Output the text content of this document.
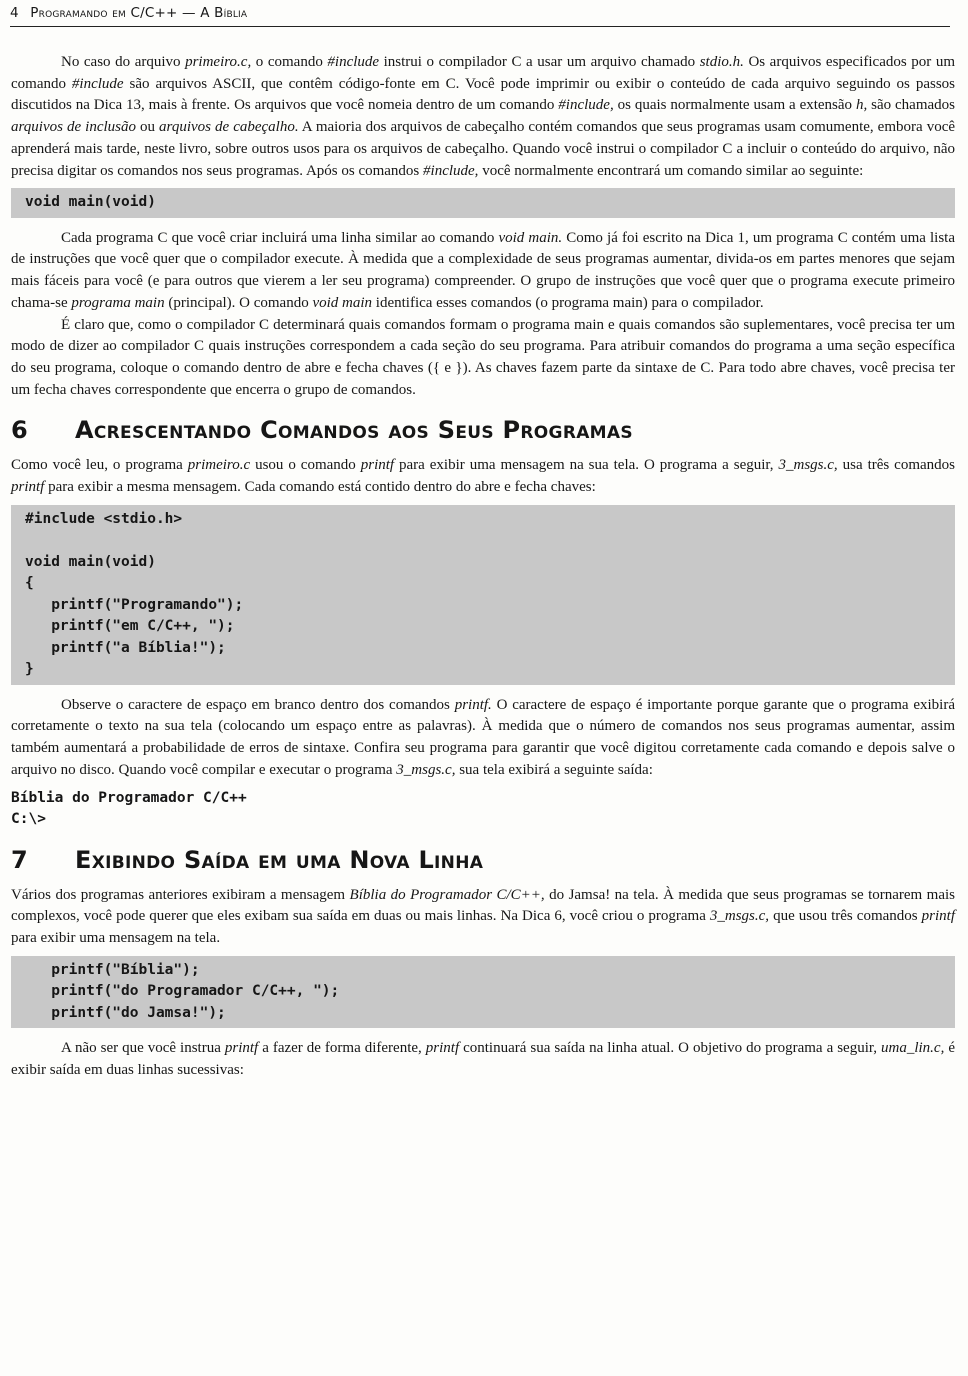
4 Programando em C/C++ — A Bíblia

No caso do arquivo primeiro.c, o comando #include instrui o compilador C a usar um arquivo chamado stdio.h. Os arquivos especificados por um comando #include são arquivos ASCII, que contêm código-fonte em C. Você pode imprimir ou exibir o conteúdo de cada arquivo seguindo os passos discutidos na Dica 13, mais à frente. Os arquivos que você nomeia dentro de um comando #include, os quais normalmente usam a extensão h, são chamados arquivos de inclusão ou arquivos de cabeçalho. A maioria dos arquivos de cabeçalho contém comandos que seus programas usam comumente, embora você aprenderá mais tarde, neste livro, sobre outros usos para os arquivos de cabeçalho. Quando você instrui o compilador C a incluir o conteúdo do arquivo, não precisa digitar os comandos nos seus programas. Após os comandos #include, você normalmente encontrará um comando similar ao seguinte:

void main(void)

Cada programa C que você criar incluirá uma linha similar ao comando void main. Como já foi escrito na Dica 1, um programa C contém uma lista de instruções que você quer que o compilador execute. À medida que a complexidade de seus programas aumentar, divida-os em partes menores que sejam mais fáceis para você (e para outros que vierem a ler seu programa) compreender. O grupo de instruções que você quer que o programa execute primeiro chama-se programa main (principal). O comando void main identifica esses comandos (o programa main) para o compilador.

É claro que, como o compilador C determinará quais comandos formam o programa main e quais comandos são suplementares, você precisa ter um modo de dizer ao compilador C quais instruções correspondem a cada seção do seu programa. Para atribuir comandos do programa a uma seção específica do seu programa, coloque o comando dentro de abre e fecha chaves ({ e }). As chaves fazem parte da sintaxe de C. Para todo abre chaves, você precisa ter um fecha chaves correspondente que encerra o grupo de comandos.

6 Acrescentando Comandos aos Seus Programas

Como você leu, o programa primeiro.c usou o comando printf para exibir uma mensagem na sua tela. O programa a seguir, 3_msgs.c, usa três comandos printf para exibir a mesma mensagem. Cada comando está contido dentro do abre e fecha chaves:

#include <stdio.h>

void main(void)
{
printf("Programando");
printf("em C/C++, ");
printf("a Bíblia!");
}

Observe o caractere de espaço em branco dentro dos comandos printf. O caractere de espaço é importante porque garante que o programa exibirá corretamente o texto na sua tela (colocando um espaço entre as palavras). À medida que o número de comandos nos seus programas aumentar, assim também aumentará a probabilidade de erros de sintaxe. Confira seu programa para garantir que você digitou corretamente cada comando e depois salve o arquivo no disco. Quando você compilar e executar o programa 3_msgs.c, sua tela exibirá a seguinte saída:

Bíblia do Programador C/C++
C:\>
7 Exibindo Saída em uma Nova Linha

Vários dos programas anteriores exibiram a mensagem Bíblia do Programador C/C++, do Jamsa! na tela. À medida que seus programas se tornarem mais complexos, você pode querer que eles exibam sua saída em duas ou mais linhas. Na Dica 6, você criou o programa 3_msgs.c, que usou três comandos printf para exibir uma mensagem na tela.

printf("Bíblia");
printf("do Programador C/C++, ");
printf("do Jamsa!");

A não ser que você instrua printf a fazer de forma diferente, printf continuará sua saída na linha atual. O objetivo do programa a seguir, uma_lin.c, é exibir saída em duas linhas sucessivas:
